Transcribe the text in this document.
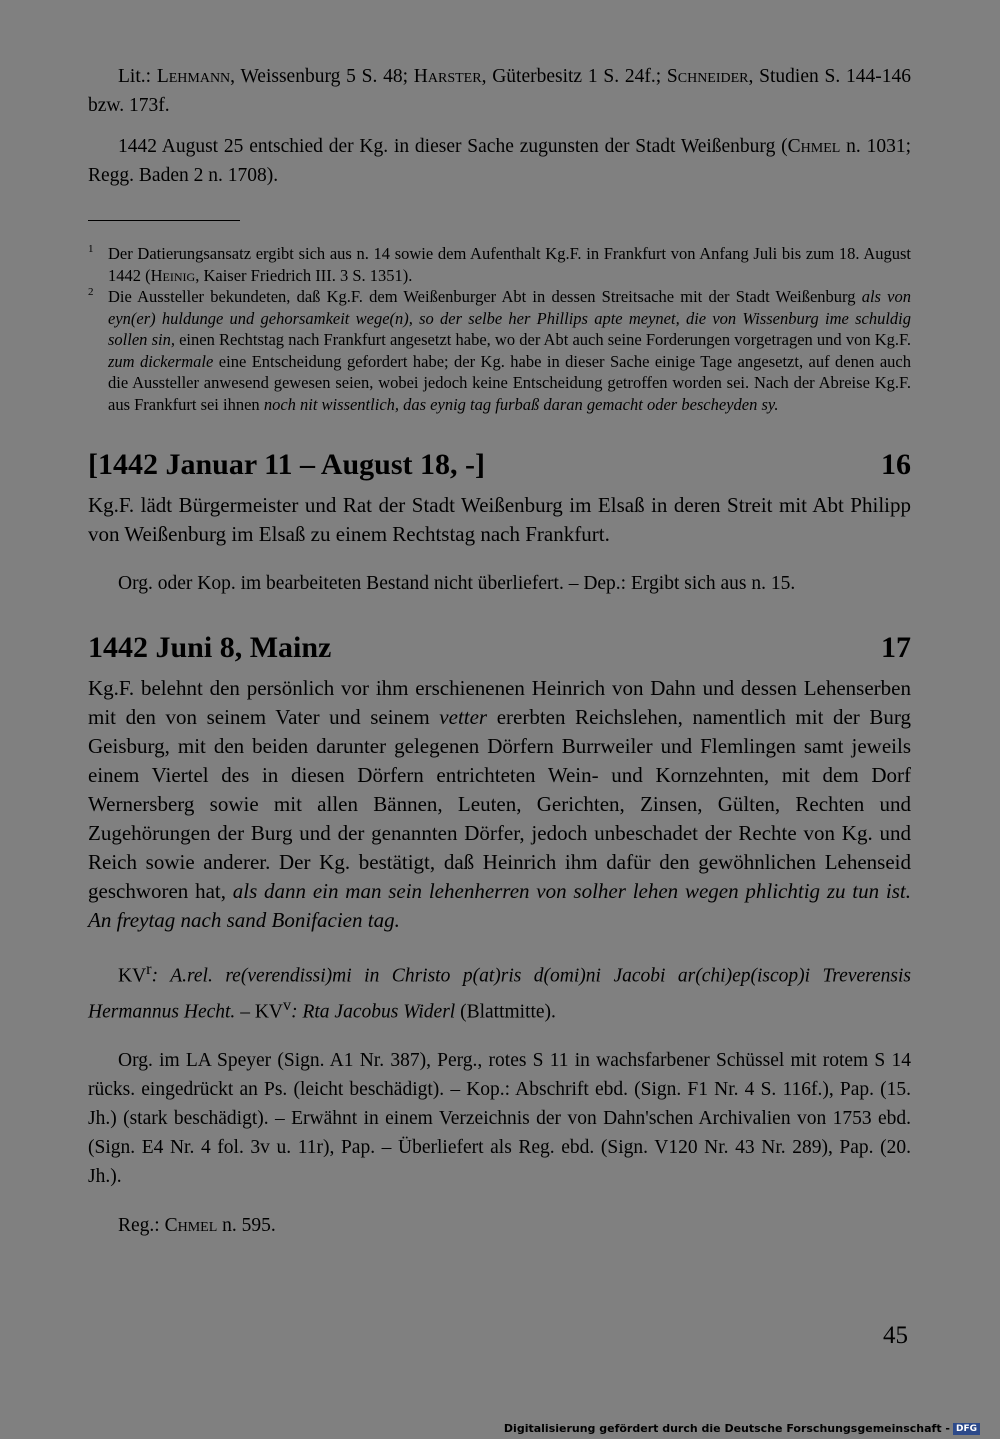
Lit.: Lehmann, Weissenburg 5 S. 48; Harster, Güterbesitz 1 S. 24f.; Schneider, Studien S. 144-146 bzw. 173f.

1442 August 25 entschied der Kg. in dieser Sache zugunsten der Stadt Weißenburg (Chmel n. 1031; Regg. Baden 2 n. 1708).

1 Der Datierungsansatz ergibt sich aus n. 14 sowie dem Aufenthalt Kg.F. in Frankfurt von Anfang Juli bis zum 18. August 1442 (Heinig, Kaiser Friedrich III. 3 S. 1351).
2 Die Aussteller bekundeten, daß Kg.F. dem Weißenburger Abt in dessen Streitsache mit der Stadt Weißenburg als von eyn(er) huldunge und gehorsamkeit wege(n), so der selbe her Phillips apte meynet, die von Wissenburg ime schuldig sollen sin, einen Rechtstag nach Frankfurt angesetzt habe, wo der Abt auch seine Forderungen vorgetragen und von Kg.F. zum dickermale eine Entscheidung gefordert habe; der Kg. habe in dieser Sache einige Tage angesetzt, auf denen auch die Aussteller anwesend gewesen seien, wobei jedoch keine Entscheidung getroffen worden sei. Nach der Abreise Kg.F. aus Frankfurt sei ihnen noch nit wissentlich, das eynig tag furbaß daran gemacht oder bescheyden sy.
[1442 Januar 11 – August 18, -]	16

Kg.F. lädt Bürgermeister und Rat der Stadt Weißenburg im Elsaß in deren Streit mit Abt Philipp von Weißenburg im Elsaß zu einem Rechtstag nach Frankfurt.

Org. oder Kop. im bearbeiteten Bestand nicht überliefert. – Dep.: Ergibt sich aus n. 15.

1442 Juni 8, Mainz	17

Kg.F. belehnt den persönlich vor ihm erschienenen Heinrich von Dahn und dessen Lehenserben mit den von seinem Vater und seinem vetter ererbten Reichslehen, namentlich mit der Burg Geisburg, mit den beiden darunter gelegenen Dörfern Burrweiler und Flemlingen samt jeweils einem Viertel des in diesen Dörfern entrichteten Wein- und Kornzehnten, mit dem Dorf Wernersberg sowie mit allen Bännen, Leuten, Gerichten, Zinsen, Gülten, Rechten und Zugehörungen der Burg und der genannten Dörfer, jedoch unbeschadet der Rechte von Kg. und Reich sowie anderer. Der Kg. bestätigt, daß Heinrich ihm dafür den gewöhnlichen Lehenseid geschworen hat, als dann ein man sein lehenherren von solher lehen wegen phlichtig zu tun ist. An freytag nach sand Bonifacien tag.

$KV^r$: A.rel. re(verendissi)mi in Christo p(at)ris d(omi)ni Jacobi ar(chi)ep(iscop)i Treverensis Hermannus Hecht. – $KV^v$: Rta Jacobus Widerl (Blattmitte).

Org. im LA Speyer (Sign. A1 Nr. 387), Perg., rotes S 11 in wachsfarbener Schüssel mit rotem S 14 rücks. eingedrückt an Ps. (leicht beschädigt). – Kop.: Abschrift ebd. (Sign. F1 Nr. 4 S. 116f.), Pap. (15. Jh.) (stark beschädigt). – Erwähnt in einem Verzeichnis der von Dahn'schen Archivalien von 1753 ebd. (Sign. E4 Nr. 4 fol. 3v u. 11r), Pap. – Überliefert als Reg. ebd. (Sign. V120 Nr. 43 Nr. 289), Pap. (20. Jh.).

Reg.: Chmel n. 595.

45
Digitalisierung gefördert durch die Deutsche Forschungsgemeinschaft - DFG
